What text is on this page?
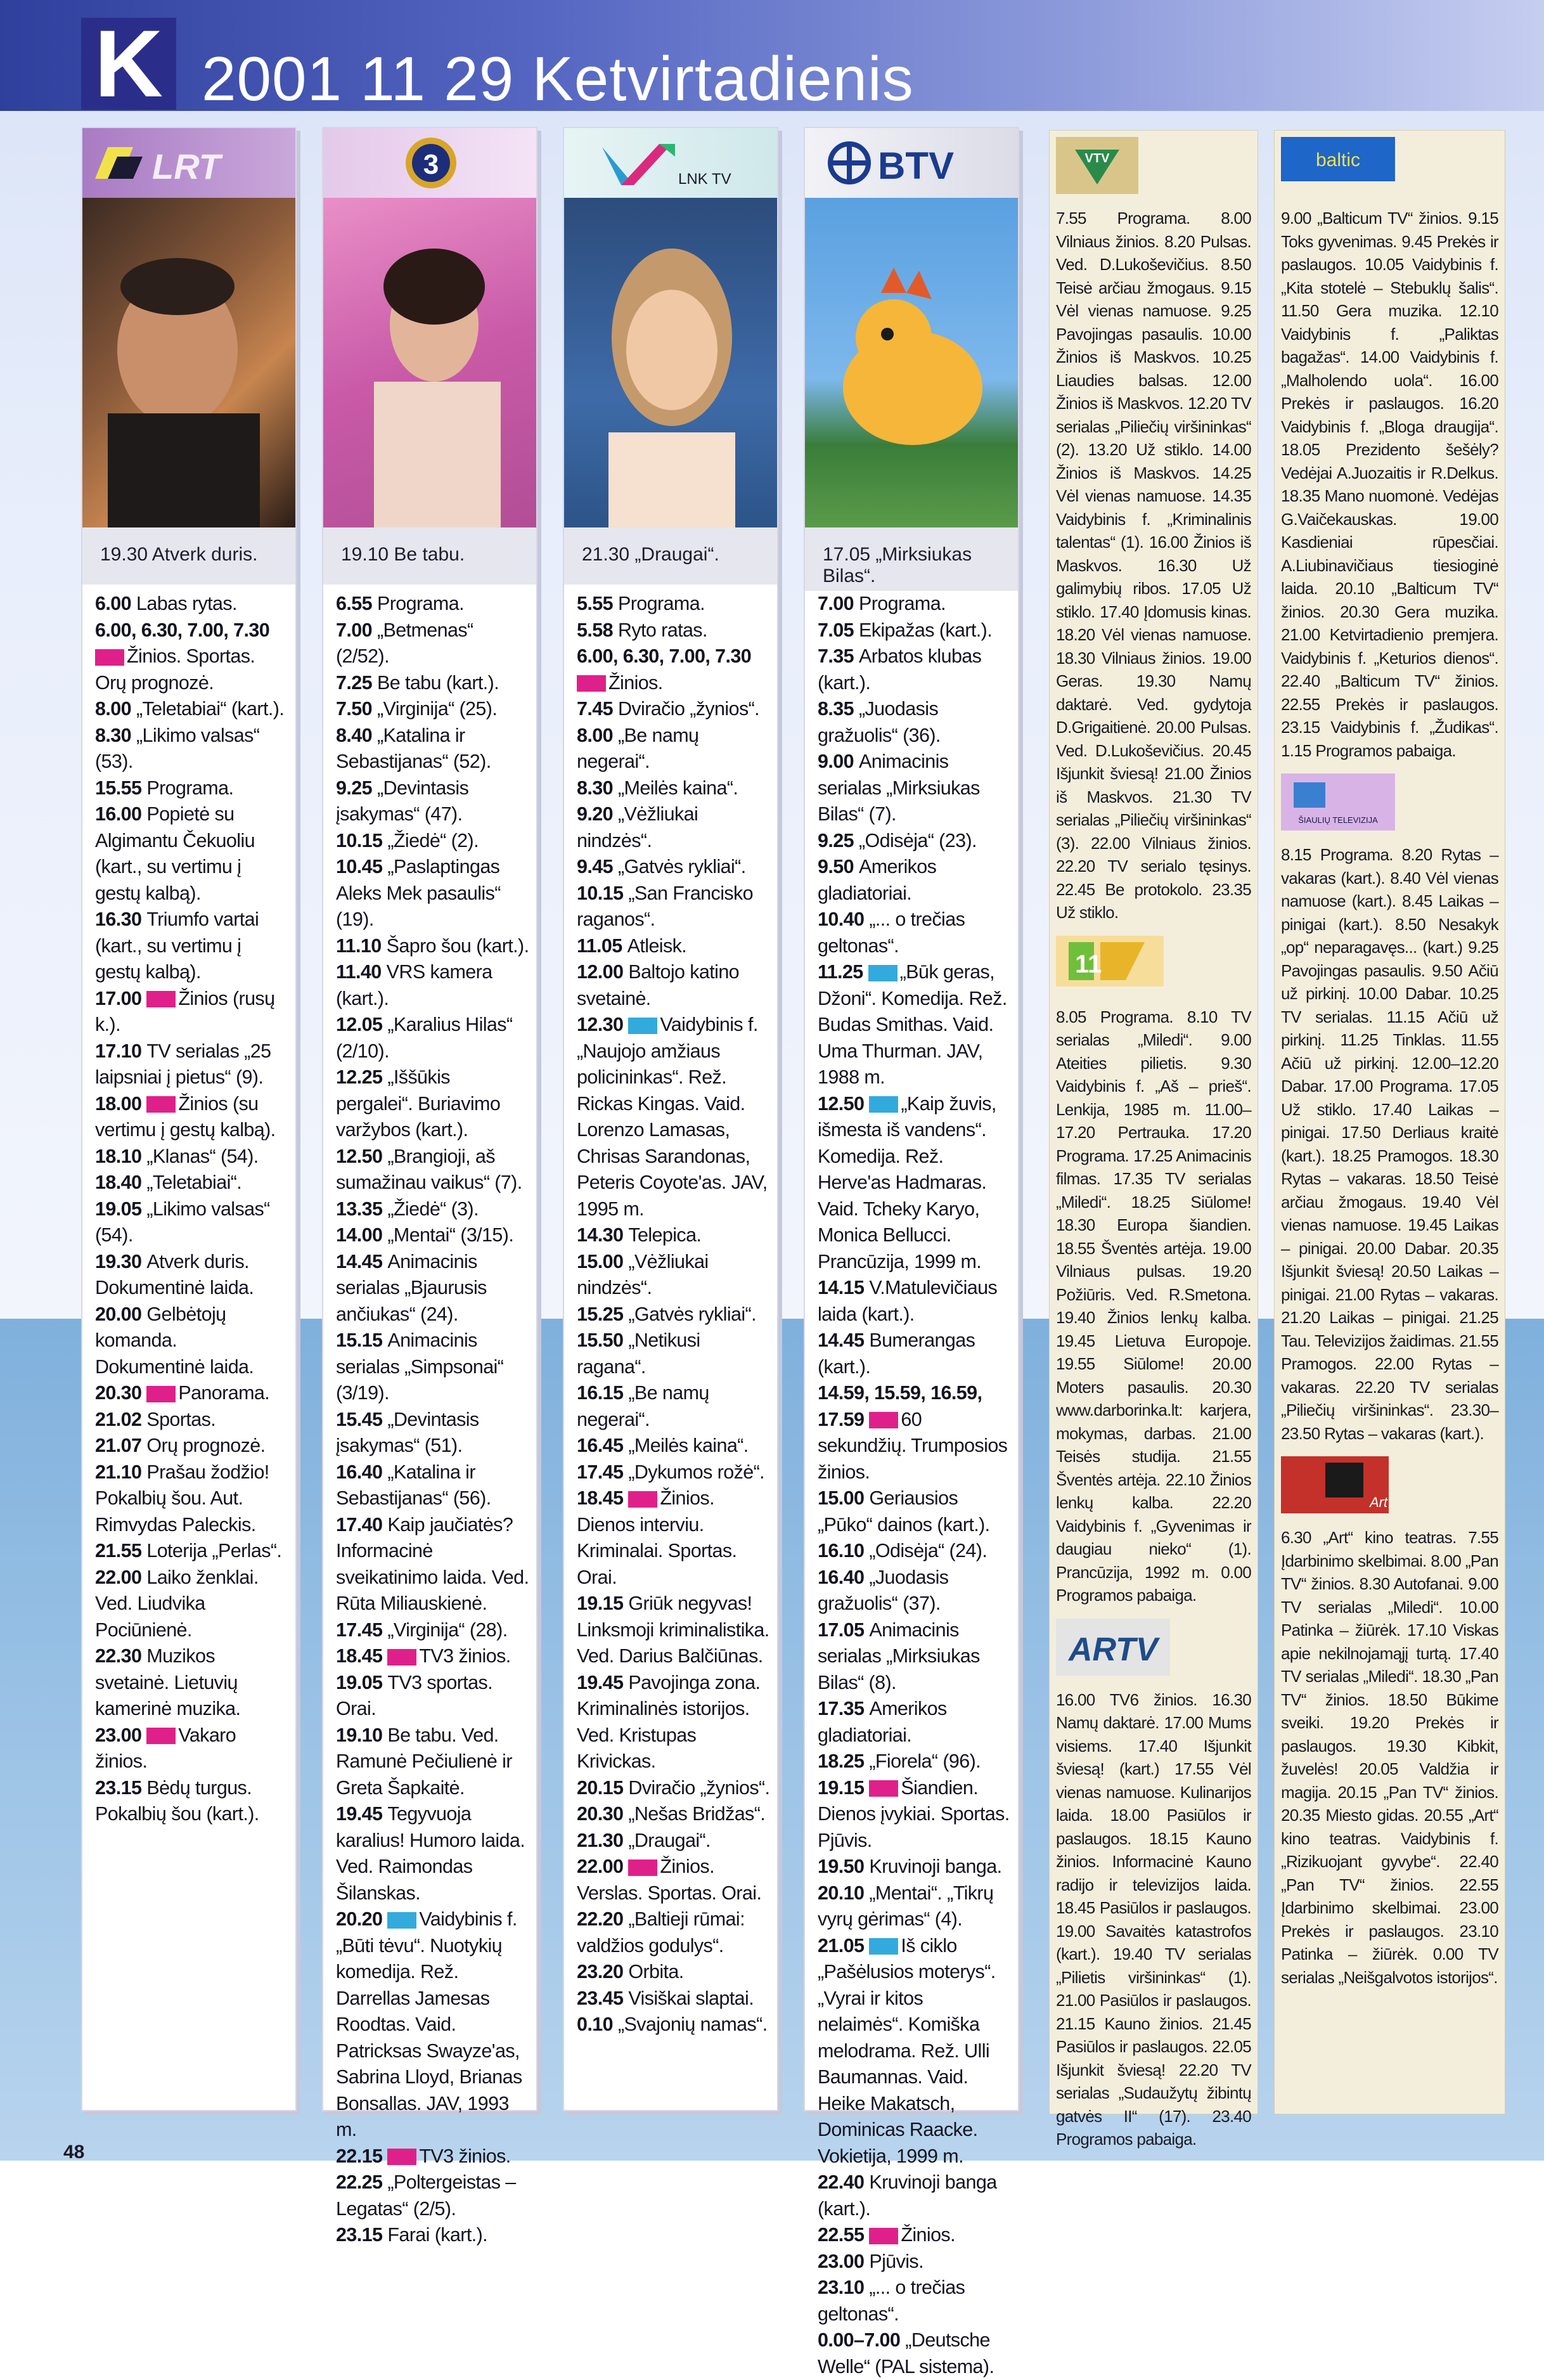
K 2001 11 29 Ketvirtadienis
LRT
19.30 Atverk duris.
6.00 Labas rytas.
6.00, 6.30, 7.00, 7.30Žinios. Sportas. Orų prognozė.
8.00 „Teletabiai“ (kart.).
8.30 „Likimo valsas“ (53).
15.55 Programa.
16.00 Popietė su Algimantu Čekuoliu (kart., su vertimu į gestų kalbą).
16.30 Triumfo vartai (kart., su vertimu į gestų kalbą).
17.00 Žinios (rusų k.).
17.10 TV serialas „25 laipsniai į pietus“ (9).
18.00 Žinios (su vertimu į gestų kalbą).
18.10 „Klanas“ (54).
18.40 „Teletabiai“.
19.05 „Likimo valsas“ (54).
19.30 Atverk duris. Dokumentinė laida.
20.00 Gelbėtojų komanda. Dokumentinė laida.
20.30 Panorama.
21.02 Sportas.
21.07 Orų prognozė.
21.10 Prašau žodžio! Pokalbių šou. Aut. Rimvydas Paleckis.
21.55 Loterija „Perlas“.
22.00 Laiko ženklai. Ved. Liudvika Pociūnienė.
22.30 Muzikos svetainė. Lietuvių kamerinė muzika.
23.00 Vakaro žinios.
23.15 Bėdų turgus. Pokalbių šou (kart.).
3
19.10 Be tabu.
6.55 Programa.
7.00 „Betmenas“ (2/52).
7.25 Be tabu (kart.).
7.50 „Virginija“ (25).
8.40 „Katalina ir Sebastijanas“ (52).
9.25 „Devintasis įsakymas“ (47).
10.15 „Žiedė“ (2).
10.45 „Paslaptingas Aleks Mek pasaulis“ (19).
11.10 Šapro šou (kart.).
11.40 VRS kamera (kart.).
12.05 „Karalius Hilas“ (2/10).
12.25 „Iššūkis pergalei“. Buriavimo varžybos (kart.).
12.50 „Brangioji, aš sumažinau vaikus“ (7).
13.35 „Žiedė“ (3).
14.00 „Mentai“ (3/15).
14.45 Animacinis serialas „Bjaurusis ančiukas“ (24).
15.15 Animacinis serialas „Simpsonai“ (3/19).
15.45 „Devintasis įsakymas“ (51).
16.40 „Katalina ir Sebastijanas“ (56).
17.40 Kaip jaučiatės? Informacinė sveikatinimo laida. Ved. Rūta Miliauskienė.
17.45 „Virginija“ (28).
18.45 TV3 žinios.
19.05 TV3 sportas. Orai.
19.10 Be tabu. Ved. Ramunė Pečiulienė ir Greta Šapkaitė.
19.45 Tegyvuoja karalius! Humoro laida. Ved. Raimondas Šilanskas.
20.20 Vaidybinis f. „Būti tėvu“. Nuotykių komedija. Rež. Darrellas Jamesas Roodtas. Vaid. Patricksas Swayze'as, Sabrina Lloyd, Brianas Bonsallas. JAV, 1993 m.
22.15 TV3 žinios.
22.25 „Poltergeistas – Legatas“ (2/5).
23.15 Farai (kart.).
LNK TV
21.30 „Draugai“.
5.55 Programa.
5.58 Ryto ratas.
6.00, 6.30, 7.00, 7.30Žinios.
7.45 Dviračio „žynios“.
8.00 „Be namų negerai“.
8.30 „Meilės kaina“.
9.20 „Vėžliukai nindzės“.
9.45 „Gatvės rykliai“.
10.15 „San Francisko raganos“.
11.05 Atleisk.
12.00 Baltojo katino svetainė.
12.30 Vaidybinis f. „Naujojo amžiaus policininkas“. Rež. Rickas Kingas. Vaid. Lorenzo Lamasas, Chrisas Sarandonas, Peteris Coyote'as. JAV, 1995 m.
14.30 Telepica.
15.00 „Vėžliukai nindzės“.
15.25 „Gatvės rykliai“.
15.50 „Netikusi ragana“.
16.15 „Be namų negerai“.
16.45 „Meilės kaina“.
17.45 „Dykumos rožė“.
18.45 Žinios. Dienos interviu. Kriminalai. Sportas. Orai.
19.15 Griūk negyvas! Linksmoji kriminalistika. Ved. Darius Balčiūnas.
19.45 Pavojinga zona. Kriminalinės istorijos. Ved. Kristupas Krivickas.
20.15 Dviračio „žynios“.
20.30 „Nešas Bridžas“.
21.30 „Draugai“.
22.00 Žinios. Verslas. Sportas. Orai.
22.20 „Baltieji rūmai: valdžios godulys“.
23.20 Orbita.
23.45 Visiškai slaptai.
0.10 „Svajonių namas“.
BTV
17.05 „Mirksiukas Bilas“.
7.00 Programa.
7.05 Ekipažas (kart.).
7.35 Arbatos klubas (kart.).
8.35 „Juodasis gražuolis“ (36).
9.00 Animacinis serialas „Mirksiukas Bilas“ (7).
9.25 „Odisėja“ (23).
9.50 Amerikos gladiatoriai.
10.40 „... o trečias geltonas“.
11.25 „Būk geras, Džoni“. Komedija. Rež. Budas Smithas. Vaid. Uma Thurman. JAV, 1988 m.
12.50 „Kaip žuvis, išmesta iš vandens“. Komedija. Rež. Herve'as Hadmaras. Vaid. Tcheky Karyo, Monica Bellucci. Prancūzija, 1999 m.
14.15 V.Matulevičiaus laida (kart.).
14.45 Bumerangas (kart.).
14.59, 15.59, 16.59, 17.59 60 sekundžių. Trumposios žinios.
15.00 Geriausios „Pūko“ dainos (kart.).
16.10 „Odisėja“ (24).
16.40 „Juodasis gražuolis“ (37).
17.05 Animacinis serialas „Mirksiukas Bilas“ (8).
17.35 Amerikos gladiatoriai.
18.25 „Fiorela“ (96).
19.15 Šiandien. Dienos įvykiai. Sportas. Pjūvis.
19.50 Kruvinoji banga.
20.10 „Mentai“. „Tikrų vyrų gėrimas“ (4).
21.05 Iš ciklo „Pašėlusios moterys“. „Vyrai ir kitos nelaimės“. Komiška melodrama. Rež. Ulli Baumannas. Vaid. Heike Makatsch, Dominicas Raacke. Vokietija, 1999 m.
22.40 Kruvinoji banga (kart.).
22.55 Žinios.
23.00 Pjūvis.
23.10 „... o trečias geltonas“.
0.00–7.00 „Deutsche Welle“ (PAL sistema).
VTV
7.55 Programa. 8.00 Vilniaus žinios. 8.20 Pulsas. Ved. D.Lukoševičius. 8.50 Teisė arčiau žmogaus. 9.15 Vėl vienas namuose. 9.25 Pavojingas pasaulis. 10.00 Žinios iš Maskvos. 10.25 Liaudies balsas. 12.00 Žinios iš Maskvos. 12.20 TV serialas „Piliečių viršininkas“ (2). 13.20 Už stiklo. 14.00 Žinios iš Maskvos. 14.25 Vėl vienas namuose. 14.35 Vaidybinis f. „Kriminalinis talentas“ (1). 16.00 Žinios iš Maskvos. 16.30 Už galimybių ribos. 17.05 Už stiklo. 17.40 Įdomusis kinas. 18.20 Vėl vienas namuose. 18.30 Vilniaus žinios. 19.00 Geras. 19.30 Namų daktarė. Ved. gydytoja D.Grigaitienė. 20.00 Pulsas. Ved. D.Lukoševičius. 20.45 Išjunkit šviesą! 21.00 Žinios iš Maskvos. 21.30 TV serialas „Piliečių viršininkas“ (3). 22.00 Vilniaus žinios. 22.20 TV serialo tęsinys. 22.45 Be protokolo. 23.35 Už stiklo.
11
8.05 Programa. 8.10 TV serialas „Miledi“. 9.00 Ateities pilietis. 9.30 Vaidybinis f. „Aš – prieš“. Lenkija, 1985 m. 11.00–17.20 Pertrauka. 17.20 Programa. 17.25 Animacinis filmas. 17.35 TV serialas „Miledi“. 18.25 Siūlome! 18.30 Europa šiandien. 18.55 Šventės artėja. 19.00 Vilniaus pulsas. 19.20 Požiūris. Ved. R.Smetona. 19.40 Žinios lenkų kalba. 19.45 Lietuva Europoje. 19.55 Siūlome! 20.00 Moters pasaulis. 20.30 www.darborinka.lt: karjera, mokymas, darbas. 21.00 Teisės studija. 21.55 Šventės artėja. 22.10 Žinios lenkų kalba. 22.20 Vaidybinis f. „Gyvenimas ir daugiau nieko“ (1). Prancūzija, 1992 m. 0.00 Programos pabaiga.
ARTV
16.00 TV6 žinios. 16.30 Namų daktarė. 17.00 Mums visiems. 17.40 Išjunkit šviesą! (kart.) 17.55 Vėl vienas namuose. Kulinarijos laida. 18.00 Pasiūlos ir paslaugos. 18.15 Kauno žinios. Informacinė Kauno radijo ir televizijos laida. 18.45 Pasiūlos ir paslaugos. 19.00 Savaitės katastrofos (kart.). 19.40 TV serialas „Pilietis viršininkas“ (1). 21.00 Pasiūlos ir paslaugos. 21.15 Kauno žinios. 21.45 Pasiūlos ir paslaugos. 22.05 Išjunkit šviesą! 22.20 TV serialas „Sudaužytų žibintų gatvės II“ (17). 23.40 Programos pabaiga.
baltic
9.00 „Balticum TV“ žinios. 9.15 Toks gyvenimas. 9.45 Prekės ir paslaugos. 10.05 Vaidybinis f. „Kita stotelė – Stebuklų šalis“. 11.50 Gera muzika. 12.10 Vaidybinis f. „Paliktas bagažas“. 14.00 Vaidybinis f. „Malholendo uola“. 16.00 Prekės ir paslaugos. 16.20 Vaidybinis f. „Bloga draugija“. 18.05 Prezidento šešėly? Vedėjai A.Juozaitis ir R.Delkus. 18.35 Mano nuomonė. Vedėjas G.Vaičekauskas. 19.00 Kasdieniai rūpesčiai. A.Liubinavičiaus tiesioginė laida. 20.10 „Balticum TV“ žinios. 20.30 Gera muzika. 21.00 Ketvirtadienio premjera. Vaidybinis f. „Keturios dienos“. 22.40 „Balticum TV“ žinios. 22.55 Prekės ir paslaugos. 23.15 Vaidybinis f. „Žudikas“. 1.15 Programos pabaiga.
ŠIAULIŲ TELEVIZIJA
8.15 Programa. 8.20 Rytas – vakaras (kart.). 8.40 Vėl vienas namuose (kart.). 8.45 Laikas – pinigai (kart.). 8.50 Nesakyk „op“ neparagavęs... (kart.) 9.25 Pavojingas pasaulis. 9.50 Ačiū už pirkinį. 10.00 Dabar. 10.25 TV serialas. 11.15 Ačiū už pirkinį. 11.25 Tinklas. 11.55 Ačiū už pirkinį. 12.00–12.20 Dabar. 17.00 Programa. 17.05 Už stiklo. 17.40 Laikas – pinigai. 17.50 Derliaus kraitė (kart.). 18.25 Pramogos. 18.30 Rytas – vakaras. 18.50 Teisė arčiau žmogaus. 19.40 Vėl vienas namuose. 19.45 Laikas – pinigai. 20.00 Dabar. 20.35 Išjunkit šviesą! 20.50 Laikas – pinigai. 21.00 Rytas – vakaras. 21.20 Laikas – pinigai. 21.25 Tau. Televizijos žaidimas. 21.55 Pramogos. 22.00 Rytas – vakaras. 22.20 TV serialas „Piliečių viršininkas“. 23.30–23.50 Rytas – vakaras (kart.).
Art
6.30 „Art“ kino teatras. 7.55 Įdarbinimo skelbimai. 8.00 „Pan TV“ žinios. 8.30 Autofanai. 9.00 TV serialas „Miledi“. 10.00 Patinka – žiūrėk. 17.10 Viskas apie nekilnojamąjį turtą. 17.40 TV serialas „Miledi“. 18.30 „Pan TV“ žinios. 18.50 Būkime sveiki. 19.20 Prekės ir paslaugos. 19.30 Kibkit, žuvelės! 20.05 Valdžia ir magija. 20.15 „Pan TV“ žinios. 20.35 Miesto gidas. 20.55 „Art“ kino teatras. Vaidybinis f. „Rizikuojant gyvybe“. 22.40 „Pan TV“ žinios. 22.55 Įdarbinimo skelbimai. 23.00 Prekės ir paslaugos. 23.10 Patinka – žiūrėk. 0.00 TV serialas „Neišgalvotos istorijos“.
48
